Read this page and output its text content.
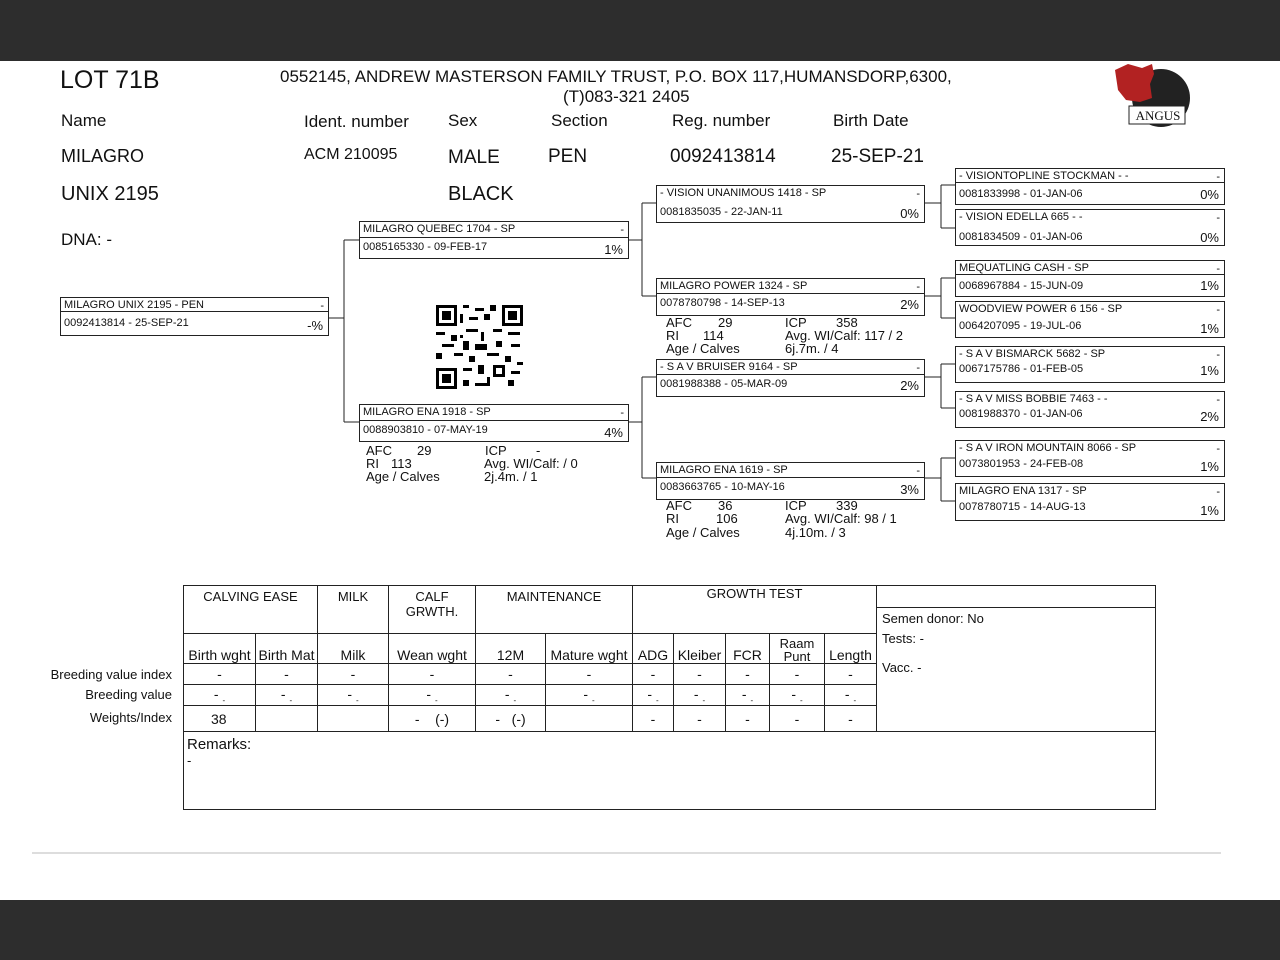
LOT 71B	0552145, ANDREW MASTERSON FAMILY TRUST, P.O. BOX 117,HUMANSDORP,6300,
(T)083-321 2405
ANGUS
Name	Ident. number Sex	Section	Reg. number	Birth Date
MILAGRO
UNIX 2195
ACM 210095	MALE
BLACK
PEN	0092413814	25-SEP-21
DNA: -
MILAGRO UNIX 2195 - PEN	-
0092413814 - 25-SEP-21	-%
MILAGRO QUEBEC 1704 - SP	-
0085165330 - 09-FEB-17	1%
MILAGRO ENA 1918 - SP	-
0088903810 - 07-MAY-19	4%
AFC 29	ICP -
RI 113	Avg. WI/Calf: / 0
Age / Calves	2j.4m. / 1
- VISION UNANIMOUS 1418 - SP	-
0081835035 - 22-JAN-11	0%
MILAGRO POWER 1324 - SP	-
0078780798 - 14-SEP-13	2%
- S A V BRUISER 9164 - SP	-
0081988388 - 05-MAR-09	2%
MILAGRO ENA 1619 - SP	-
0083663765 - 10-MAY-16	3%
AFC 29	ICP 358
RI 114	Avg. WI/Calf: 117 / 2
Age / Calves	6j.7m. / 4
AFC 36	ICP 339
RI	106	Avg. WI/Calf: 98 / 1
Age / Calves	4j.10m. / 3
- VISIONTOPLINE STOCKMAN - -	-
0081833998 - 01-JAN-06	0%
- VISION EDELLA 665 - -	-
0081834509 - 01-JAN-06	0%
MEQUATLING CASH - SP	-
0068967884 - 15-JUN-09	1%
WOODVIEW POWER 6 156 - SP	-
0064207095 - 19-JUL-06	1%
- S A V BISMARCK 5682 - SP	-
0067175786 - 01-FEB-05	1%
- S A V MISS BOBBIE 7463 - -	-
0081988370 - 01-JAN-06	2%
- S A V IRON MOUNTAIN 8066 - SP	-
0073801953 - 24-FEB-08	1%
MILAGRO ENA 1317 - SP	-
0078780715 - 14-AUG-13	1%
CALVING EASE		MILK	CALF GRWTH.	MAINTENANCE		GROWTH TEST					

											Semen donor: No
Tests: -
Vacc. -

Birth wght	Birth Mat	Milk	Wean wght	12M	Mature wght	ADG	Kleiber	FCR	Raam Punt	Length	
-	-	-	-	-	-	-	-	-	-	-	
- $_-$	- $_-$	- $_-$	- $_-$	- $_-$	- $_-$	- $_-$	- $_-$	- $_-$	- $_-$	- $_-$
38			-    (-)	-   (-)		-	-	-	-	-	

Remarks:
-											
Breeding value index
Breeding value
Weights/Index
